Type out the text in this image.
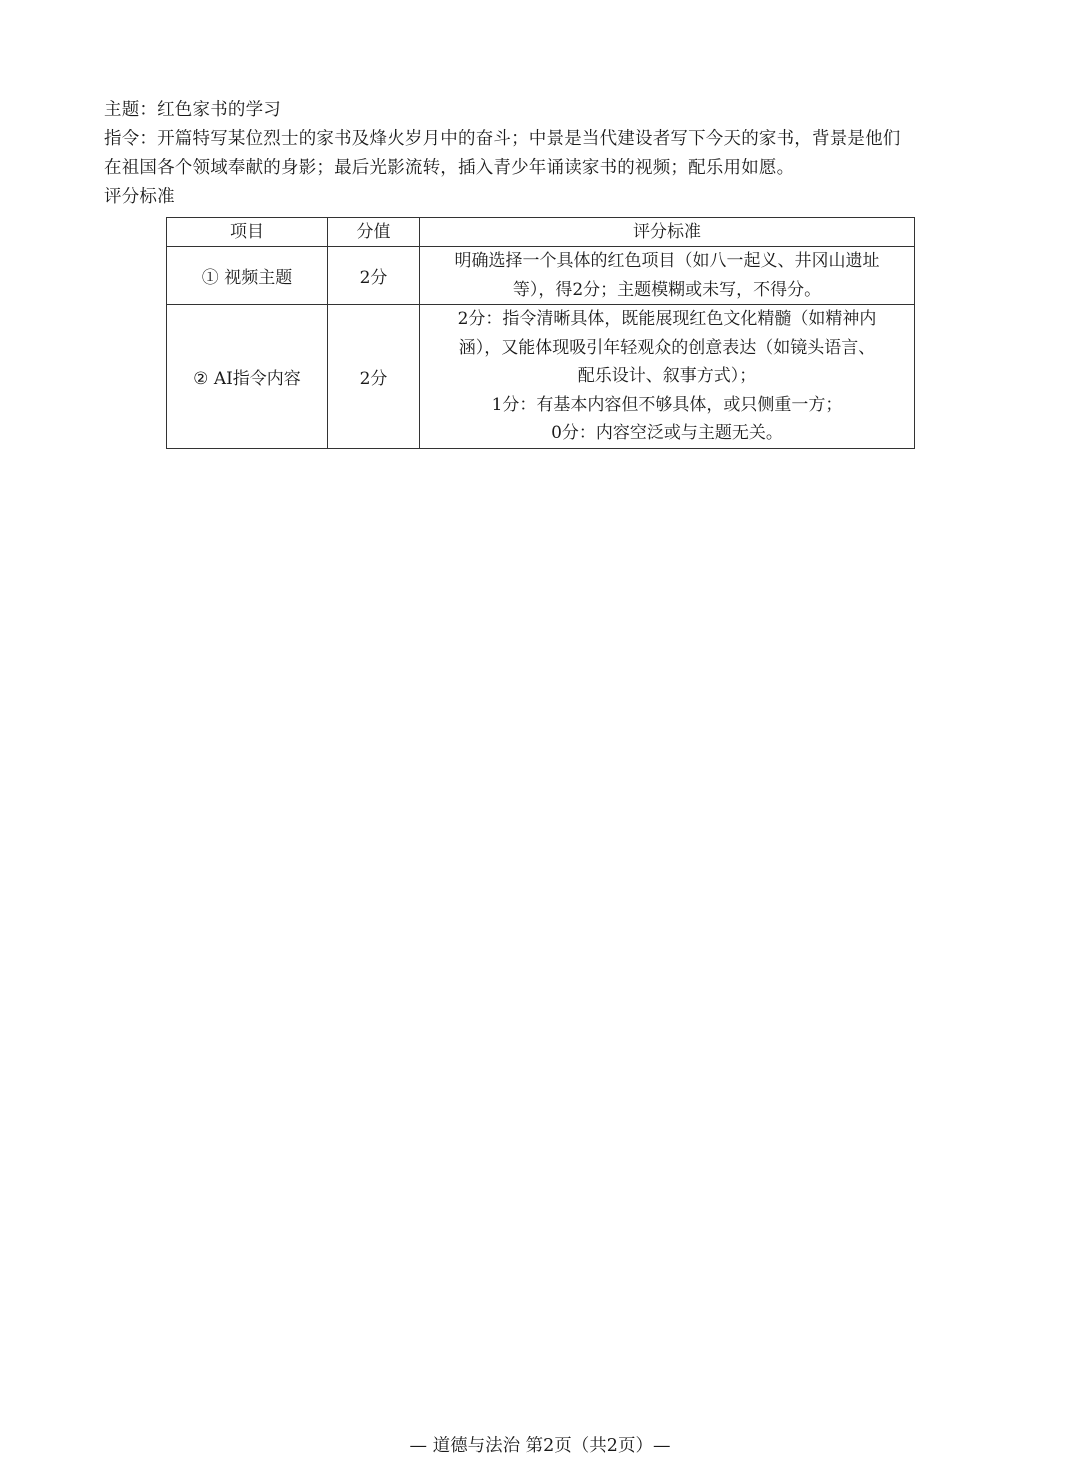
主题：红色家书的学习
指令：开篇特写某位烈士的家书及烽火岁月中的奋斗；中景是当代建设者写下今天的家书，背景是他们
在祖国各个领域奉献的身影；最后光影流转，插入青少年诵读家书的视频；配乐用如愿。
评分标准
项目	分值	评分标准
① 视频主题	2分	明确选择一个具体的红色项目（如八一起义、井冈山遗址
等），得2分；主题模糊或未写，不得分。

② AI指令内容	2分	2分：指令清晰具体，既能展现红色文化精髓（如精神内
涵），又能体现吸引年轻观众的创意表达（如镜头语言、
配乐设计、叙事方式）；
1分：有基本内容但不够具体，或只侧重一方；
0分：内容空泛或与主题无关。
— 道德与法治 第2页（共2页）—
